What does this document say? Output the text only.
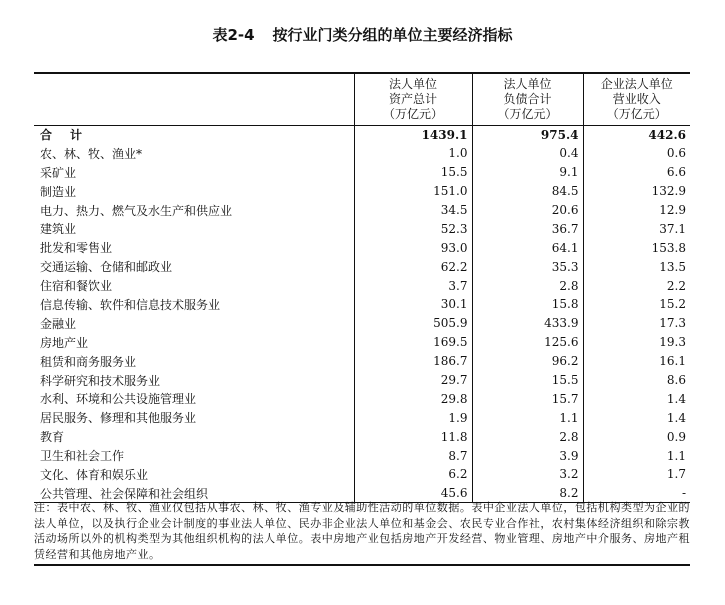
表2-4 按行业门类分组的单位主要经济指标

	法人单位
资产总计
（万亿元）	法人单位
负债合计
（万亿元）	企业法人单位
营业收入
（万亿元）

合 计	1439.1	975.4	442.6
农、林、牧、渔业*	1.0	0.4	0.6
采矿业	15.5	9.1	6.6
制造业	151.0	84.5	132.9
电力、热力、燃气及水生产和供应业	34.5	20.6	12.9
建筑业	52.3	36.7	37.1
批发和零售业	93.0	64.1	153.8
交通运输、仓储和邮政业	62.2	35.3	13.5
住宿和餐饮业	3.7	2.8	2.2
信息传输、软件和信息技术服务业	30.1	15.8	15.2
金融业	505.9	433.9	17.3
房地产业	169.5	125.6	19.3
租赁和商务服务业	186.7	96.2	16.1
科学研究和技术服务业	29.7	15.5	8.6
水利、环境和公共设施管理业	29.8	15.7	1.4
居民服务、修理和其他服务业	1.9	1.1	1.4
教育	11.8	2.8	0.9
卫生和社会工作	8.7	3.9	1.1
文化、体育和娱乐业	6.2	3.2	1.7
公共管理、社会保障和社会组织	45.6	8.2	-
注：表中农、林、牧、渔业仅包括从事农、林、牧、渔专业及辅助性活动的单位数据。表中企业法人单位，包括机构类型为企业的法人单位，以及执行企业会计制度的事业法人单位、民办非企业法人单位和基金会、农民专业合作社，农村集体经济组织和除宗教活动场所以外的机构类型为其他组织机构的法人单位。表中房地产业包括房地产开发经营、物业管理、房地产中介服务、房地产租赁经营和其他房地产业。
